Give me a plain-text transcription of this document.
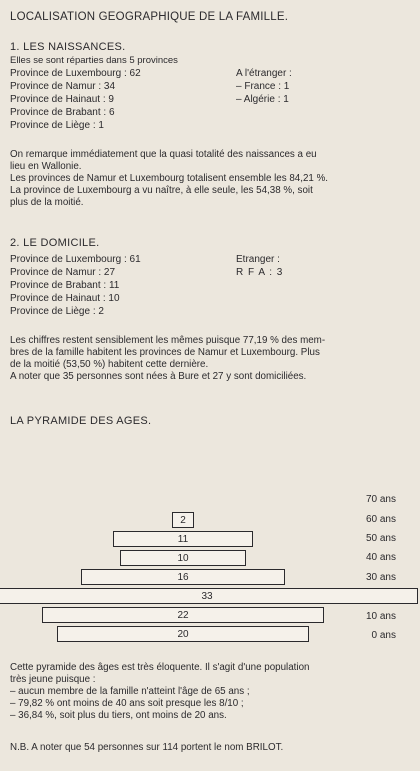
LOCALISATION GEOGRAPHIQUE DE LA FAMILLE.
1. LES NAISSANCES.
Elles se sont réparties dans 5 provinces
Province de Luxembourg : 62
Province de Namur : 34
Province de Hainaut : 9
Province de Brabant : 6
Province de Liège : 1
A l'étranger :
– France : 1
– Algérie : 1
On remarque immédiatement que la quasi totalité des naissances a eu
lieu en Wallonie.
Les provinces de Namur et Luxembourg totalisent ensemble les 84,21 %.
La province de Luxembourg a vu naître, à elle seule, les 54,38 %, soit
plus de la moitié.
2. LE DOMICILE.
Province de Luxembourg : 61
Province de Namur : 27
Province de Brabant : 11
Province de Hainaut : 10
Province de Liège : 2
Etranger :
R F A : 3
Les chiffres restent sensiblement les mêmes puisque 77,19 % des mem-
bres de la famille habitent les provinces de Namur et Luxembourg. Plus
de la moitié (53,50 %) habitent cette dernière.
A noter que 35 personnes sont nées à Bure et 27 y sont domiciliées.
LA PYRAMIDE DES AGES.
70 ans
60 ans
50 ans
40 ans
30 ans
10 ans
0 ans
2
11
10
16
33
22
20
Cette pyramide des âges est très éloquente. Il s'agit d'une population
très jeune puisque :
– aucun membre de la famille n'atteint l'âge de 65 ans ;
– 79,82 % ont moins de 40 ans soit presque les 8/10 ;
– 36,84 %, soit plus du tiers, ont moins de 20 ans.
N.B. A noter que 54 personnes sur 114 portent le nom BRILOT.
